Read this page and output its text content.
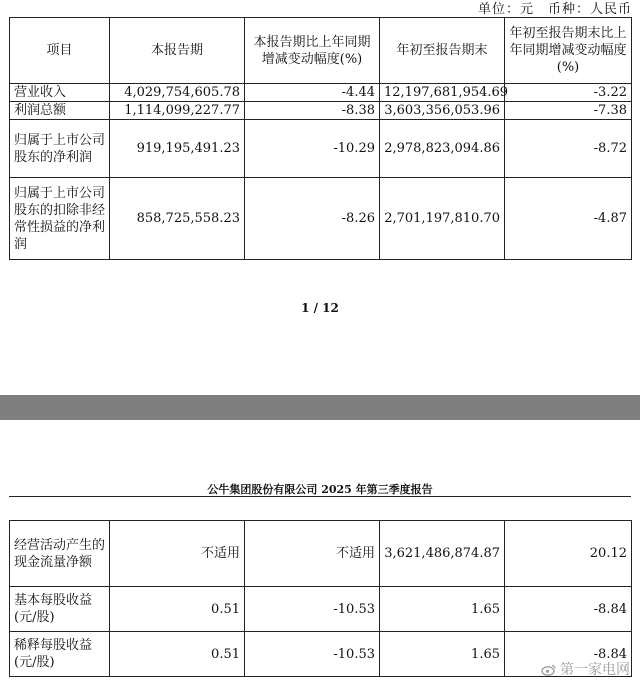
单位：元　币种：人民币
项目	本报告期	本报告期比上年同期增减变动幅度(%)	年初至报告期末	年初至报告期末比上年同期增减变动幅度(%)
营业收入	4,029,754,605.78	-4.44	12,197,681,954.69	-3.22
利润总额	1,114,099,227.77	-8.38	3,603,356,053.96	-7.38
归属于上市公司股东的净利润	919,195,491.23	-10.29	2,978,823,094.86	-8.72
归属于上市公司股东的扣除非经常性损益的净利润	858,725,558.23	-8.26	2,701,197,810.70	-4.87
1 / 12
公牛集团股份有限公司 2025 年第三季度报告
经营活动产生的现金流量净额	不适用	不适用	3,621,486,874.87	20.12
基本每股收益(元/股)	0.51	-10.53	1.65	-8.84
稀释每股收益(元/股)	0.51	-10.53	1.65	-8.84
第一家电网
